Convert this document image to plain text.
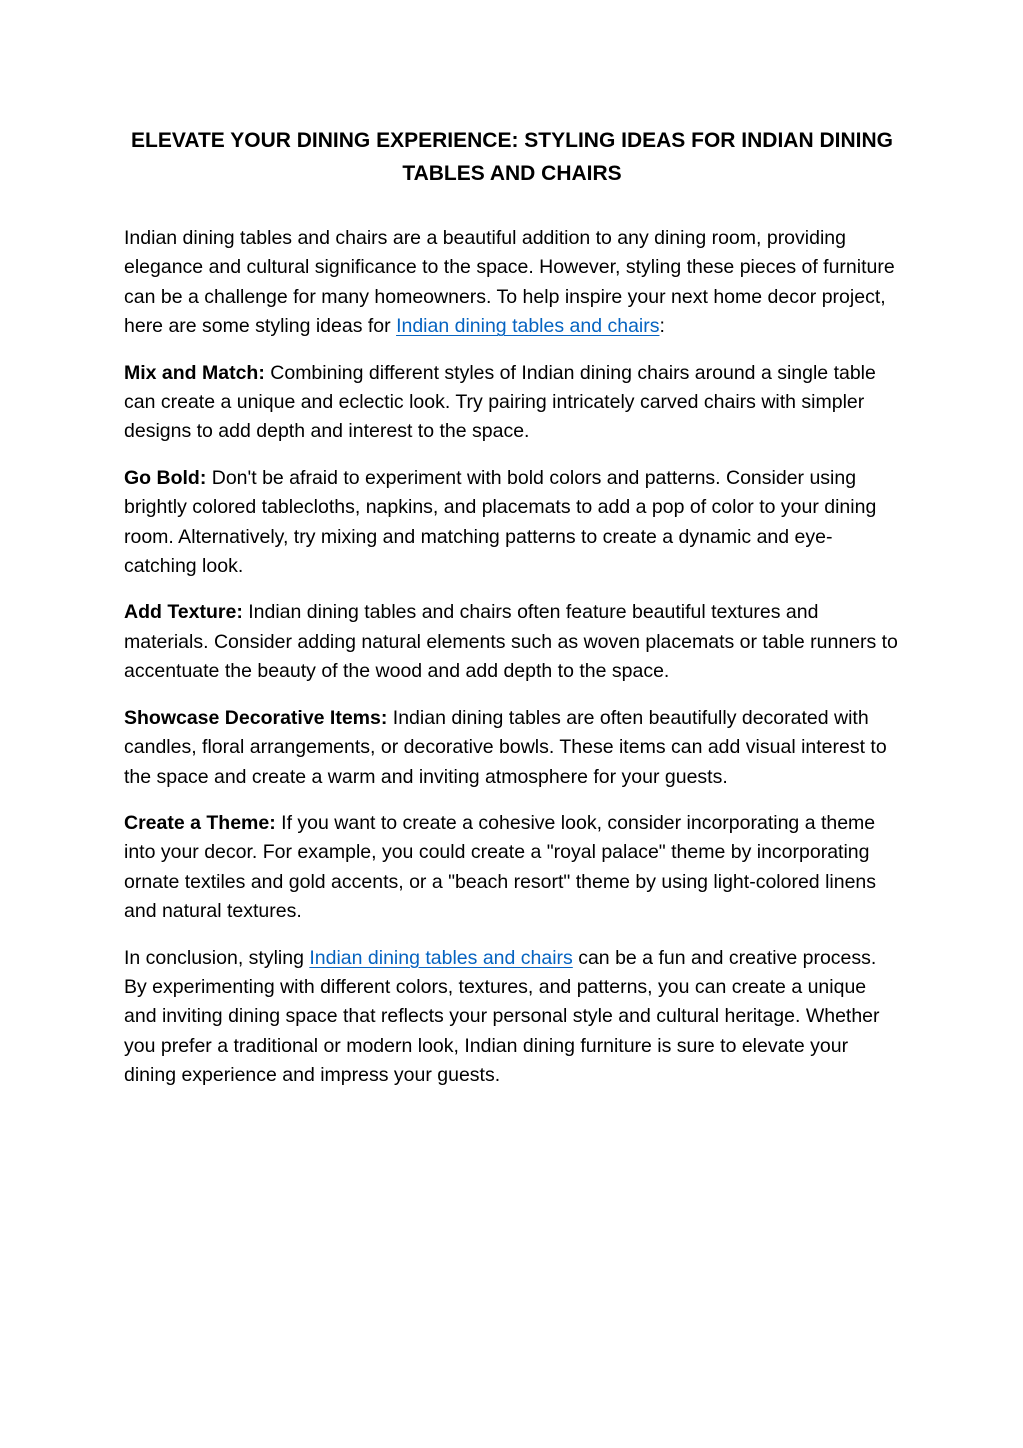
ELEVATE YOUR DINING EXPERIENCE: STYLING IDEAS FOR INDIAN DINING TABLES AND CHAIRS

Indian dining tables and chairs are a beautiful addition to any dining room, providing elegance and cultural significance to the space. However, styling these pieces of furniture can be a challenge for many homeowners. To help inspire your next home decor project, here are some styling ideas for Indian dining tables and chairs:

Mix and Match: Combining different styles of Indian dining chairs around a single table can create a unique and eclectic look. Try pairing intricately carved chairs with simpler designs to add depth and interest to the space.

Go Bold: Don't be afraid to experiment with bold colors and patterns. Consider using brightly colored tablecloths, napkins, and placemats to add a pop of color to your dining room. Alternatively, try mixing and matching patterns to create a dynamic and eye-catching look.

Add Texture: Indian dining tables and chairs often feature beautiful textures and materials. Consider adding natural elements such as woven placemats or table runners to accentuate the beauty of the wood and add depth to the space.

Showcase Decorative Items: Indian dining tables are often beautifully decorated with candles, floral arrangements, or decorative bowls. These items can add visual interest to the space and create a warm and inviting atmosphere for your guests.

Create a Theme: If you want to create a cohesive look, consider incorporating a theme into your decor. For example, you could create a "royal palace" theme by incorporating ornate textiles and gold accents, or a "beach resort" theme by using light-colored linens and natural textures.

In conclusion, styling Indian dining tables and chairs can be a fun and creative process. By experimenting with different colors, textures, and patterns, you can create a unique and inviting dining space that reflects your personal style and cultural heritage. Whether you prefer a traditional or modern look, Indian dining furniture is sure to elevate your dining experience and impress your guests.
